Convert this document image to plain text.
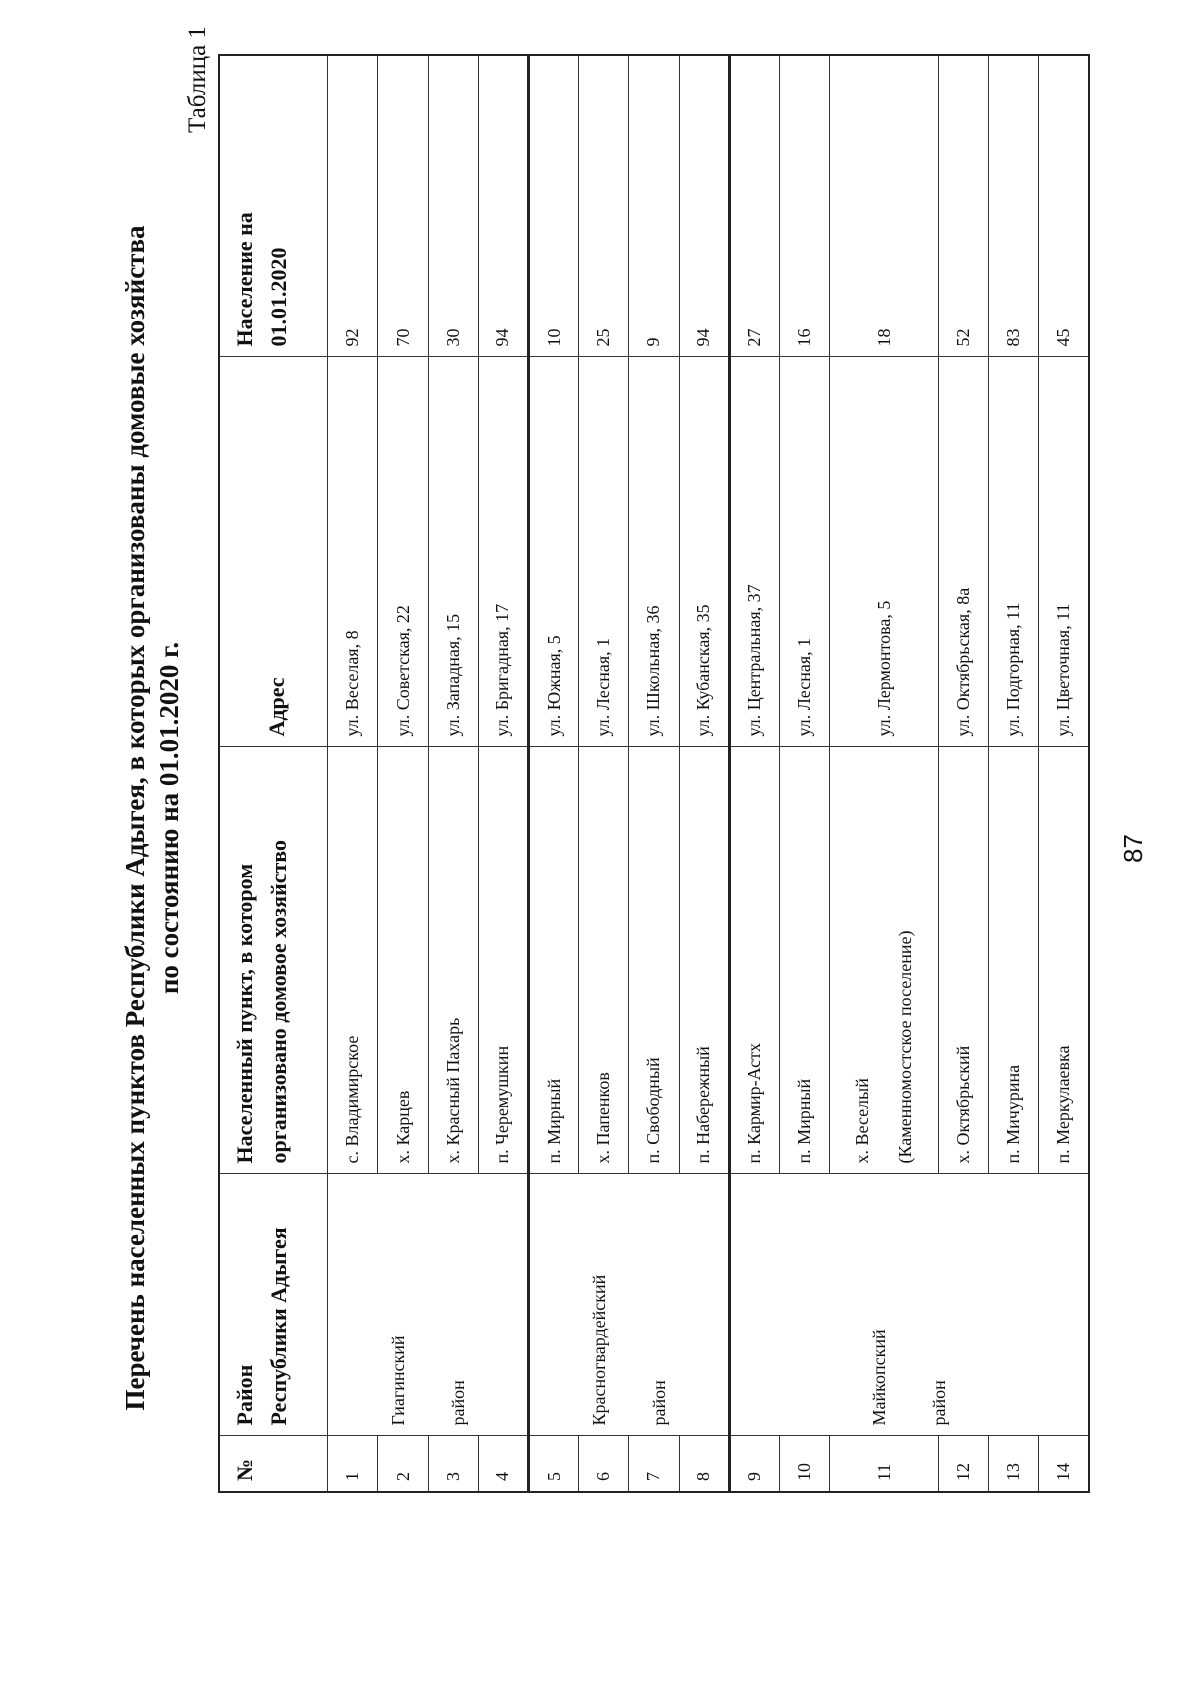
Перечень населенных пунктов Республики Адыгея, в которых организованы домовые хозяйства по состоянию на 01.01.2020 г.
Таблица 1
№	Район Республики Адыгея	Населенный пункт, в котором организовано домовое хозяйство	Адрес	Население на 01.01.2020

1	Гиагинский район	с. Владимирское	ул. Веселая, 8	92
2		х. Карцев	ул. Советская, 22	70
3		х. Красный Пахарь	ул. Западная, 15	30
4		п. Черемушкин	ул. Бригадная, 17	94
5	Красногвардейский район	п. Мирный	ул. Южная, 5	10
6		х. Папенков	ул. Лесная, 1	25
7		п. Свободный	ул. Школьная, 36	9
8		п. Набережный	ул. Кубанская, 35	94
9	Майкопский район	п. Кармир-Астх	ул. Центральная, 37	27
10		п. Мирный	ул. Лесная, 1	16
11		х. Веселый (Каменномостское поселение)	ул. Лермонтова, 5	18
12		х. Октябрьский	ул. Октябрьская, 8а	52
13		п. Мичурина	ул. Подгорная, 11	83
14		п. Меркулаевка	ул. Цветочная, 11	45
87
